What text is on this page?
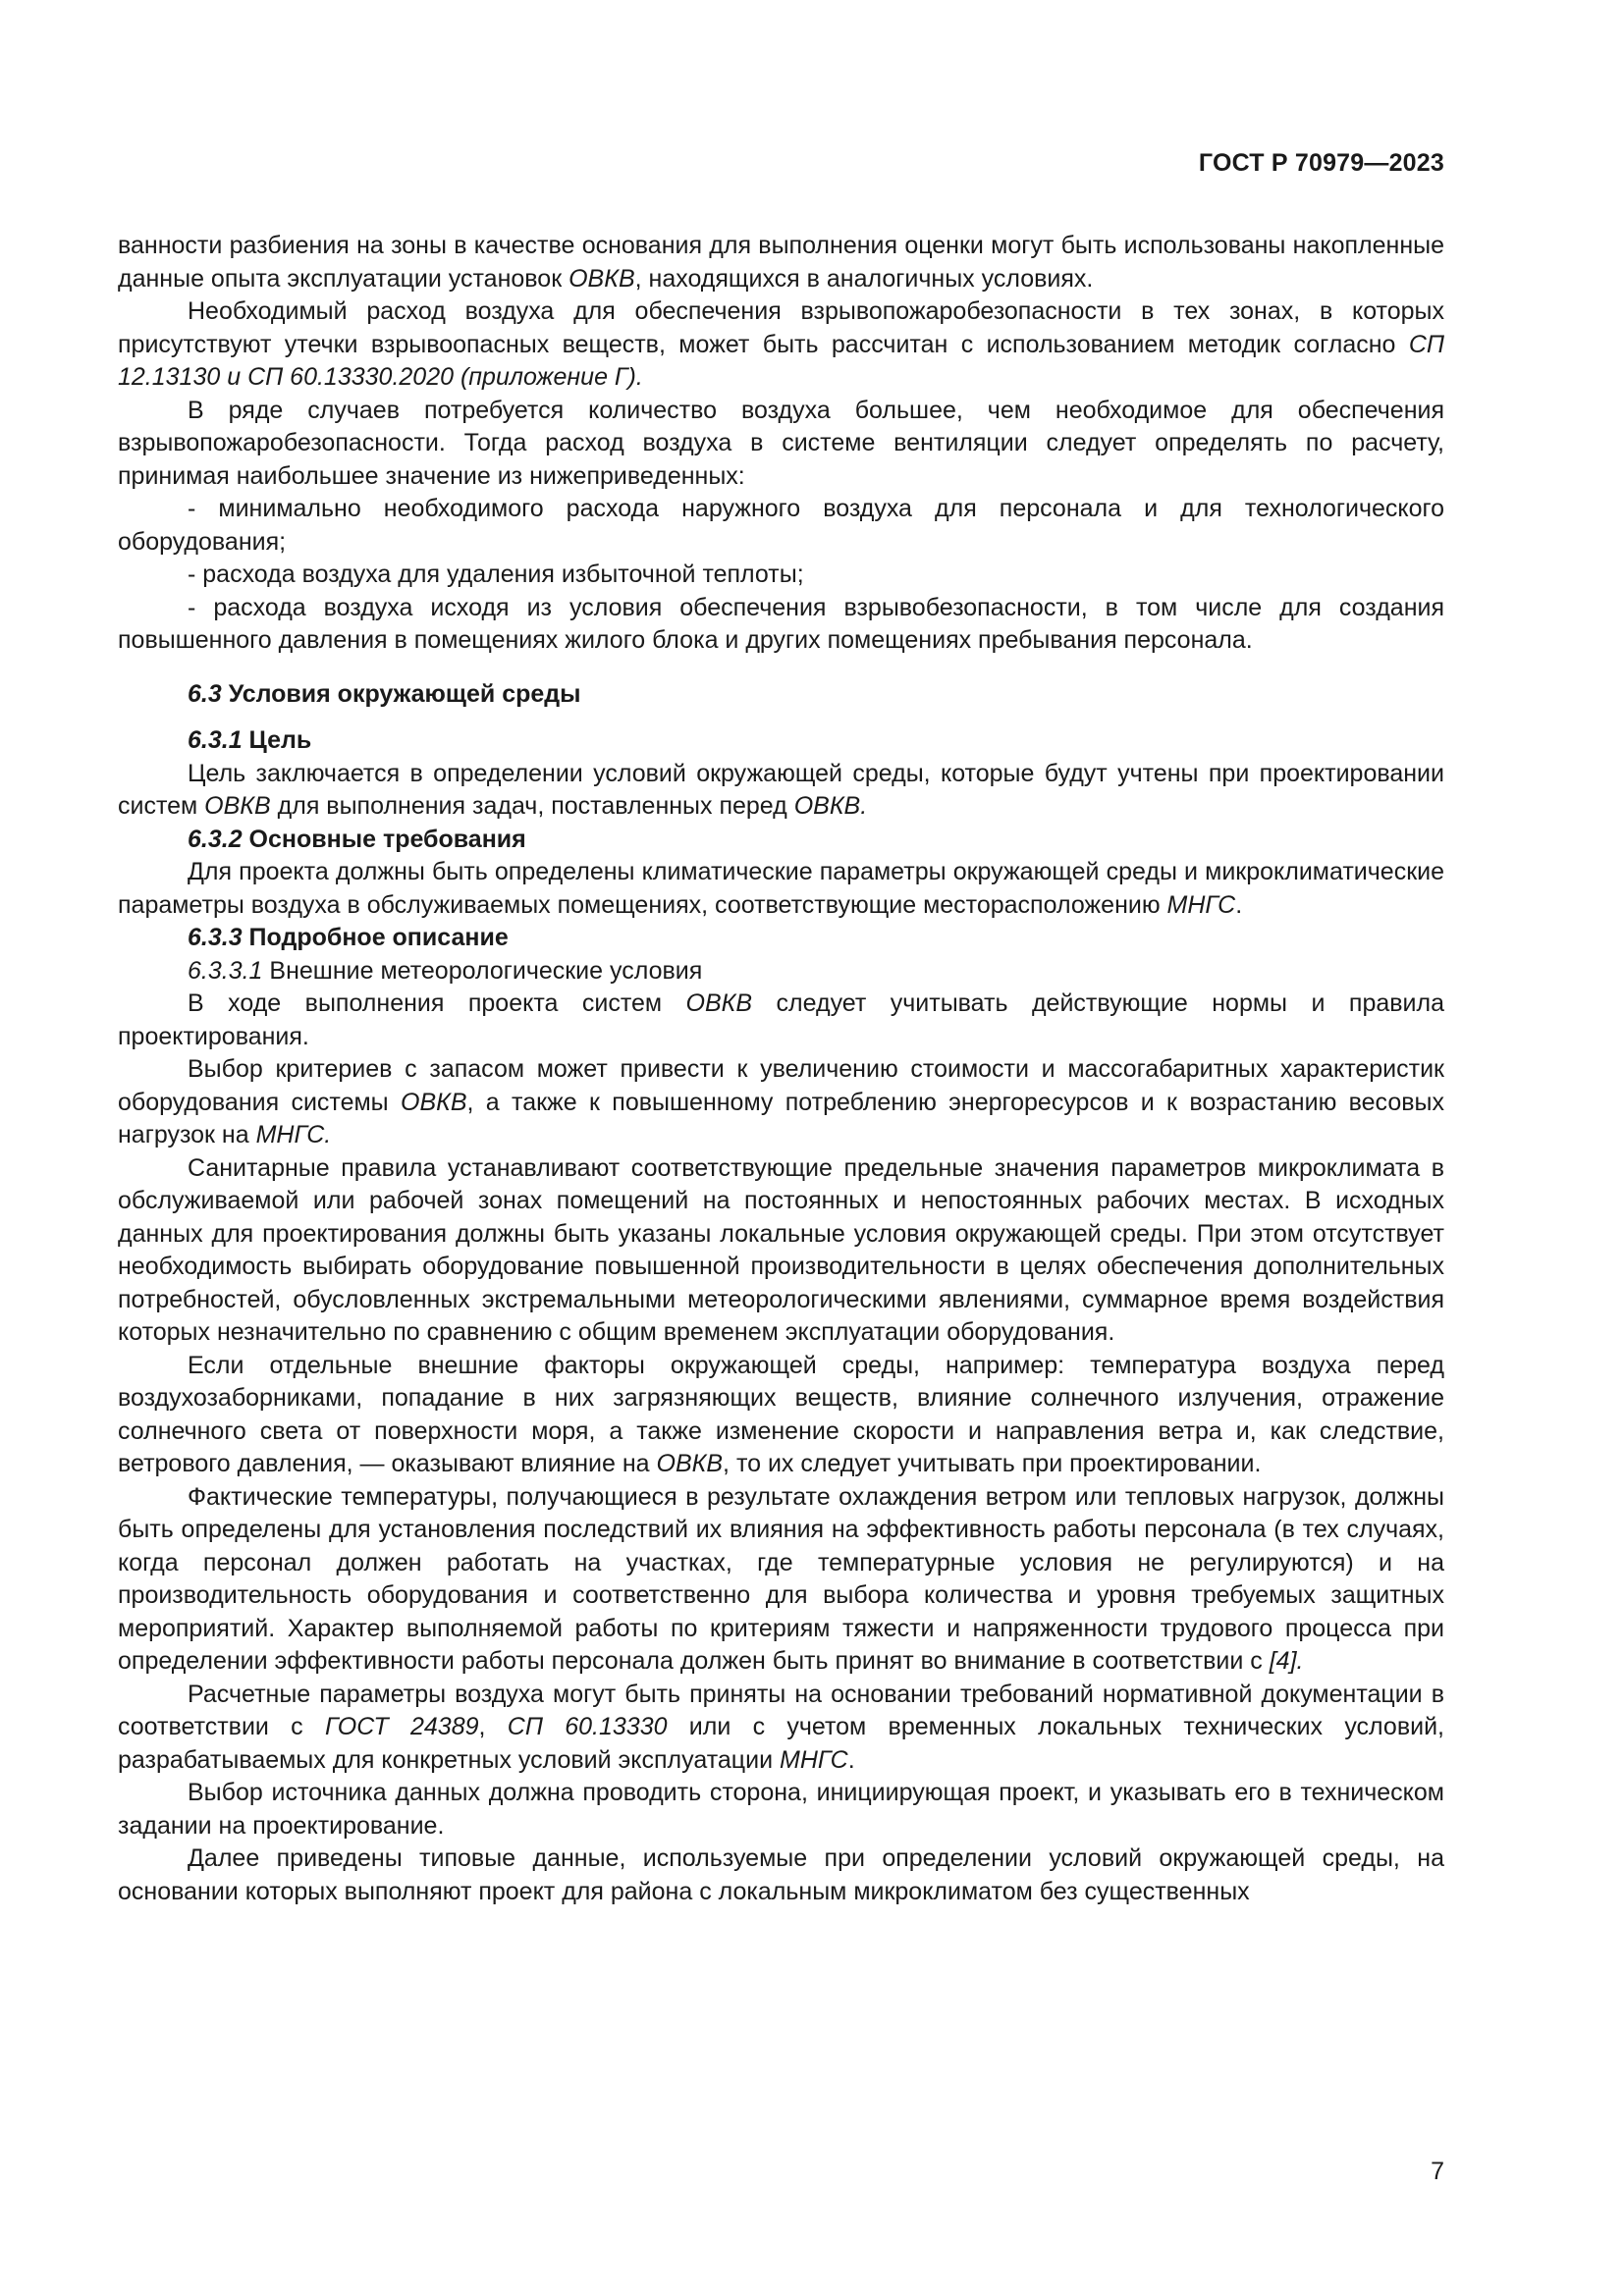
ГОСТ Р 70979—2023

ванности разбиения на зоны в качестве основания для выполнения оценки могут быть использованы накопленные данные опыта эксплуатации установок ОВКВ, находящихся в аналогичных условиях.

Необходимый расход воздуха для обеспечения взрывопожаробезопасности в тех зонах, в которых присутствуют утечки взрывоопасных веществ, может быть рассчитан с использованием методик согласно СП 12.13130 и СП 60.13330.2020 (приложение Г).

В ряде случаев потребуется количество воздуха большее, чем необходимое для обеспечения взрывопожаробезопасности. Тогда расход воздуха в системе вентиляции следует определять по расчету, принимая наибольшее значение из нижеприведенных:

- минимально необходимого расхода наружного воздуха для персонала и для технологического оборудования;

- расхода воздуха для удаления избыточной теплоты;

- расхода воздуха исходя из условия обеспечения взрывобезопасности, в том числе для создания повышенного давления в помещениях жилого блока и других помещениях пребывания персонала.

6.3 Условия окружающей среды

6.3.1 Цель

Цель заключается в определении условий окружающей среды, которые будут учтены при проектировании систем ОВКВ для выполнения задач, поставленных перед ОВКВ.

6.3.2 Основные требования

Для проекта должны быть определены климатические параметры окружающей среды и микроклиматические параметры воздуха в обслуживаемых помещениях, соответствующие месторасположению МНГС.

6.3.3 Подробное описание

6.3.3.1 Внешние метеорологические условия

В ходе выполнения проекта систем ОВКВ следует учитывать действующие нормы и правила проектирования.

Выбор критериев с запасом может привести к увеличению стоимости и массогабаритных характеристик оборудования системы ОВКВ, а также к повышенному потреблению энергоресурсов и к возрастанию весовых нагрузок на МНГС.

Санитарные правила устанавливают соответствующие предельные значения параметров микроклимата в обслуживаемой или рабочей зонах помещений на постоянных и непостоянных рабочих местах. В исходных данных для проектирования должны быть указаны локальные условия окружающей среды. При этом отсутствует необходимость выбирать оборудование повышенной производительности в целях обеспечения дополнительных потребностей, обусловленных экстремальными метеорологическими явлениями, суммарное время воздействия которых незначительно по сравнению с общим временем эксплуатации оборудования.

Если отдельные внешние факторы окружающей среды, например: температура воздуха перед воздухозаборниками, попадание в них загрязняющих веществ, влияние солнечного излучения, отражение солнечного света от поверхности моря, а также изменение скорости и направления ветра и, как следствие, ветрового давления, — оказывают влияние на ОВКВ, то их следует учитывать при проектировании.

Фактические температуры, получающиеся в результате охлаждения ветром или тепловых нагрузок, должны быть определены для установления последствий их влияния на эффективность работы персонала (в тех случаях, когда персонал должен работать на участках, где температурные условия не регулируются) и на производительность оборудования и соответственно для выбора количества и уровня требуемых защитных мероприятий. Характер выполняемой работы по критериям тяжести и напряженности трудового процесса при определении эффективности работы персонала должен быть принят во внимание в соответствии с [4].

Расчетные параметры воздуха могут быть приняты на основании требований нормативной документации в соответствии с ГОСТ 24389, СП 60.13330 или с учетом временных локальных технических условий, разрабатываемых для конкретных условий эксплуатации МНГС.

Выбор источника данных должна проводить сторона, инициирующая проект, и указывать его в техническом задании на проектирование.

Далее приведены типовые данные, используемые при определении условий окружающей среды, на основании которых выполняют проект для района с локальным микроклиматом без существенных

7
